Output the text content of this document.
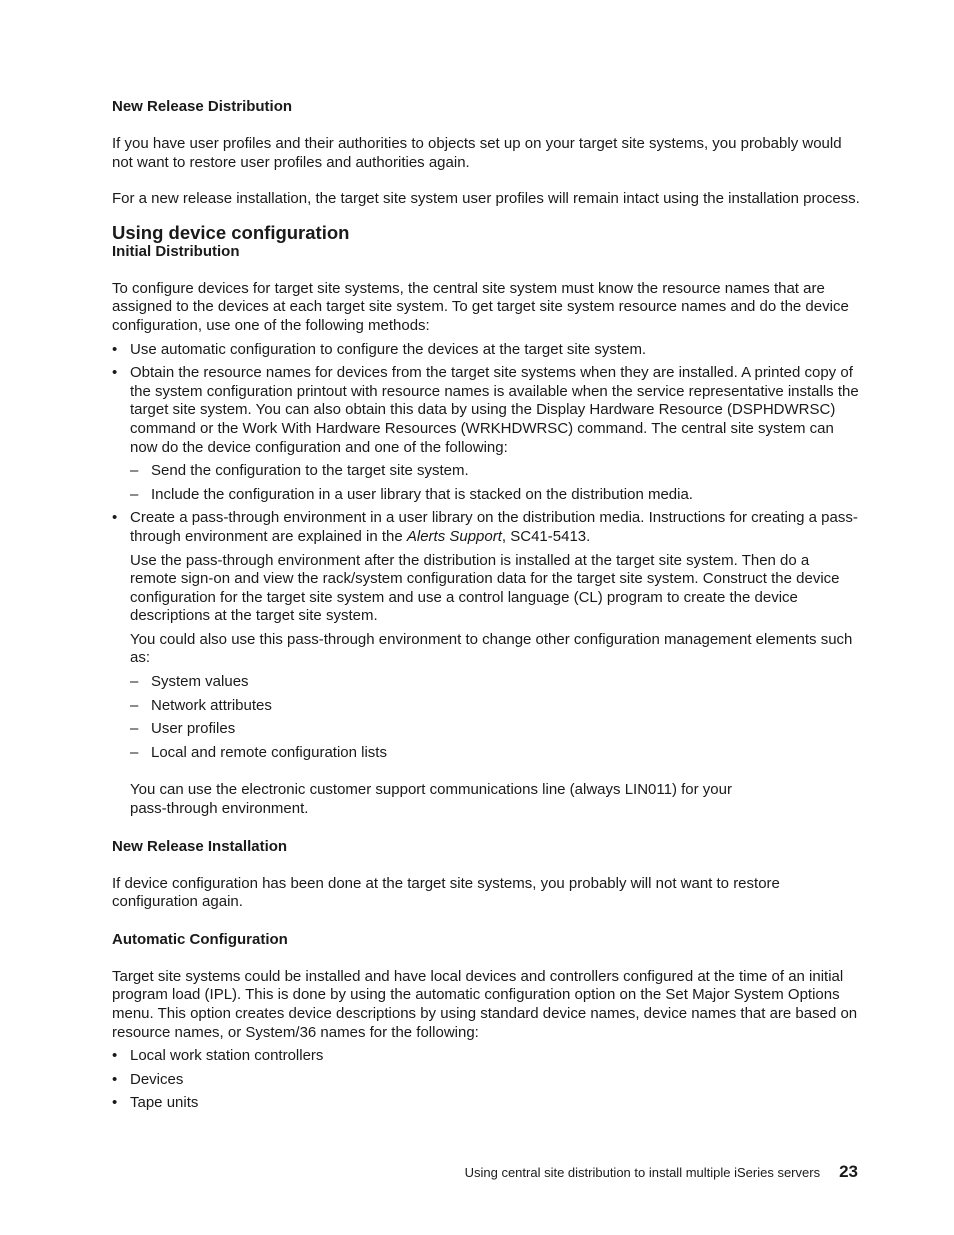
New Release Distribution

If you have user profiles and their authorities to objects set up on your target site systems, you probably would not want to restore user profiles and authorities again.

For a new release installation, the target site system user profiles will remain intact using the installation process.

Using device configuration
Initial Distribution

To configure devices for target site systems, the central site system must know the resource names that are assigned to the devices at each target site system. To get target site system resource names and do the device configuration, use one of the following methods:

• Use automatic configuration to configure the devices at the target site system.
• Obtain the resource names for devices from the target site systems when they are installed. A printed copy of the system configuration printout with resource names is available when the service representative installs the target site system. You can also obtain this data by using the Display Hardware Resource (DSPHDWRSC) command or the Work With Hardware Resources (WRKHDWRSC) command. The central site system can now do the device configuration and one of the following:
– Send the configuration to the target site system.
– Include the configuration in a user library that is stacked on the distribution media.

• Create a pass-through environment in a user library on the distribution media. Instructions for creating a pass-through environment are explained in the Alerts Support, SC41-5413.

Use the pass-through environment after the distribution is installed at the target site system. Then do a remote sign-on and view the rack/system configuration data for the target site system. Construct the device configuration for the target site system and use a control language (CL) program to create the device descriptions at the target site system.

You could also use this pass-through environment to change other configuration management elements such as:

– System values
– Network attributes
– User profiles
– Local and remote configuration lists

You can use the electronic customer support communications line (always LIN011) for your pass-through environment.

New Release Installation

If device configuration has been done at the target site systems, you probably will not want to restore configuration again.

Automatic Configuration

Target site systems could be installed and have local devices and controllers configured at the time of an initial program load (IPL). This is done by using the automatic configuration option on the Set Major System Options menu. This option creates device descriptions by using standard device names, device names that are based on resource names, or System/36 names for the following:

• Local work station controllers
• Devices
• Tape units
Using central site distribution to install multiple iSeries servers 23
